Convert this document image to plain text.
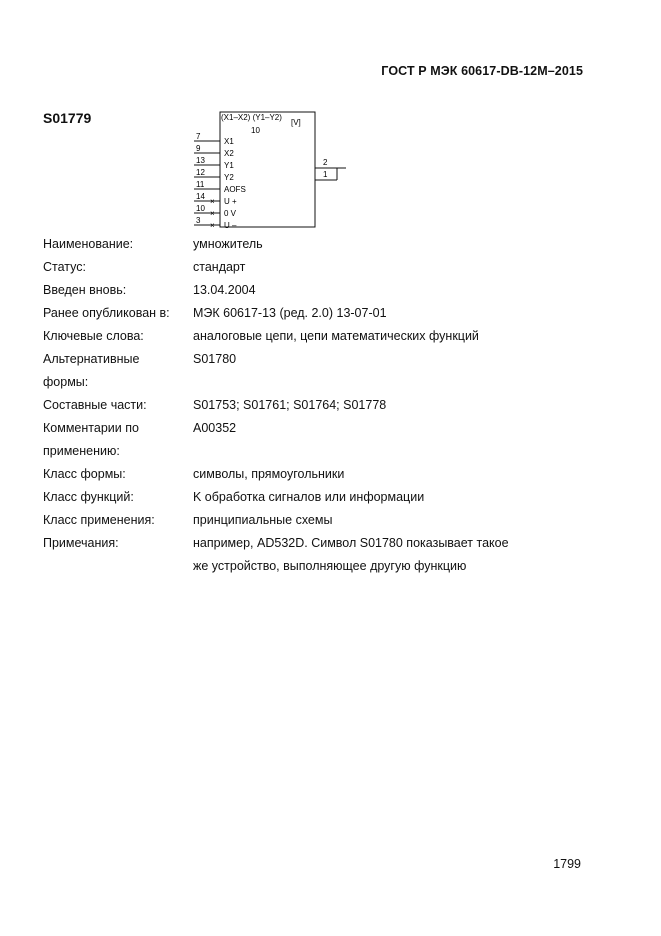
ГОСТ Р МЭК 60617-DB-12M–2015
S01779	(X1–X2) (Y1–Y2)
[V]
10
2
1
7
X1
9
X2
13
Y1
12
Y2
11
AOFS
14
U +
×
10
0 V
×
3
U –
×
Наименование:	умножитель
Статус:	стандарт
Введен вновь:	13.04.2004
Ранее опубликован в:	МЭК 60617-13 (ред. 2.0) 13-07-01
Ключевые слова:	аналоговые цепи, цепи математических функций
Альтернативные
формы:
S01780
Составные части:	S01753; S01761; S01764; S01778
Комментарии по
применению:
A00352
Класс формы:	символы, прямоугольники
Класс функций:	K обработка сигналов или информации
Класс применения:	принципиальные схемы
Примечания:	например, AD532D. Символ S01780 показывает такое
же устройство, выполняющее другую функцию
1799
